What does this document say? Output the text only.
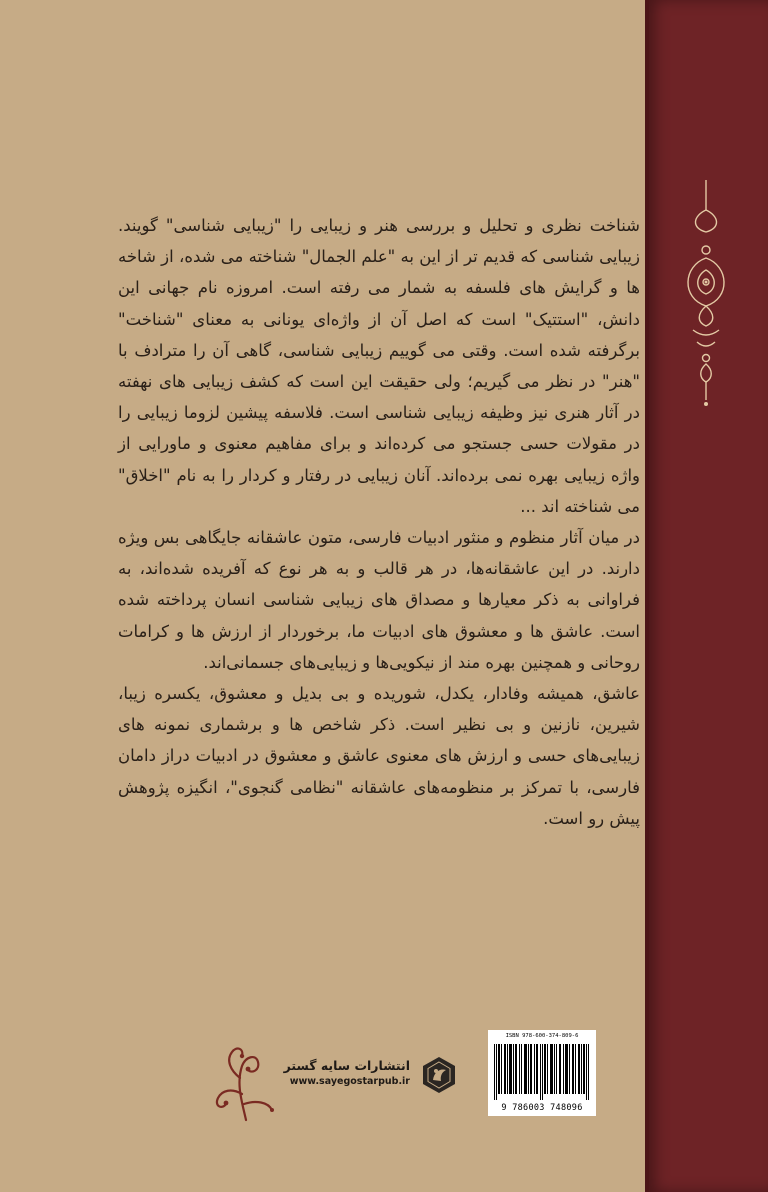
شناخت نظری و تحلیل و بررسی هنر و زیبایی را "زیبایی شناسی" گویند. زیبایی شناسی که قدیم تر از این به "علم الجمال" شناخته می شده، از شاخه ها و گرایش های فلسفه به شمار می رفته است. امروزه نام جهانی این دانش، "استتیک" است که اصل آن از واژه‌ای یونانی به معنای "شناخت" برگرفته شده است. وقتی می گوییم زیبایی شناسی، گاهی آن را مترادف با "هنر" در نظر می گیریم؛ ولی حقیقت این است که کشف زیبایی های نهفته در آثار هنری نیز وظیفه زیبایی شناسی است. فلاسفه پیشین لزوما زیبایی را در مقولات حسی جستجو می کرده‌اند و برای مفاهیم معنوی و ماورایی از واژه زیبایی بهره نمی برده‌اند. آنان زیبایی در رفتار و کردار را به نام "اخلاق" می شناخته اند ...

در میان آثار منظوم و منثور ادبیات فارسی، متون عاشقانه جایگاهی بس ویژه دارند. در این عاشقانه‌ها، در هر قالب و به هر نوع که آفریده شده‌اند، به فراوانی به ذکر معیارها و مصداق های زیبایی شناسی انسان پرداخته شده است. عاشق ها و معشوق های ادبیات ما، برخوردار از ارزش ها و کرامات روحانی و همچنین بهره مند از نیکویی‌ها و زیبایی‌های جسمانی‌اند.

عاشق، همیشه وفادار، یکدل، شوریده و بی بدیل و معشوق، یکسره زیبا، شیرین، نازنین و بی نظیر است. ذکر شاخص ها و برشماری نمونه های زیبایی‌های حسی و ارزش های معنوی عاشق و معشوق در ادبیات دراز دامان فارسی، با تمرکز بر منظومه‌های عاشقانه "نظامی گنجوی"، انگیزه پژوهش پیش رو است.

انتشارات سایه گستر
www.sayegostarpub.ir
ISBN 978-600-374-809-6
9 786003 748096
